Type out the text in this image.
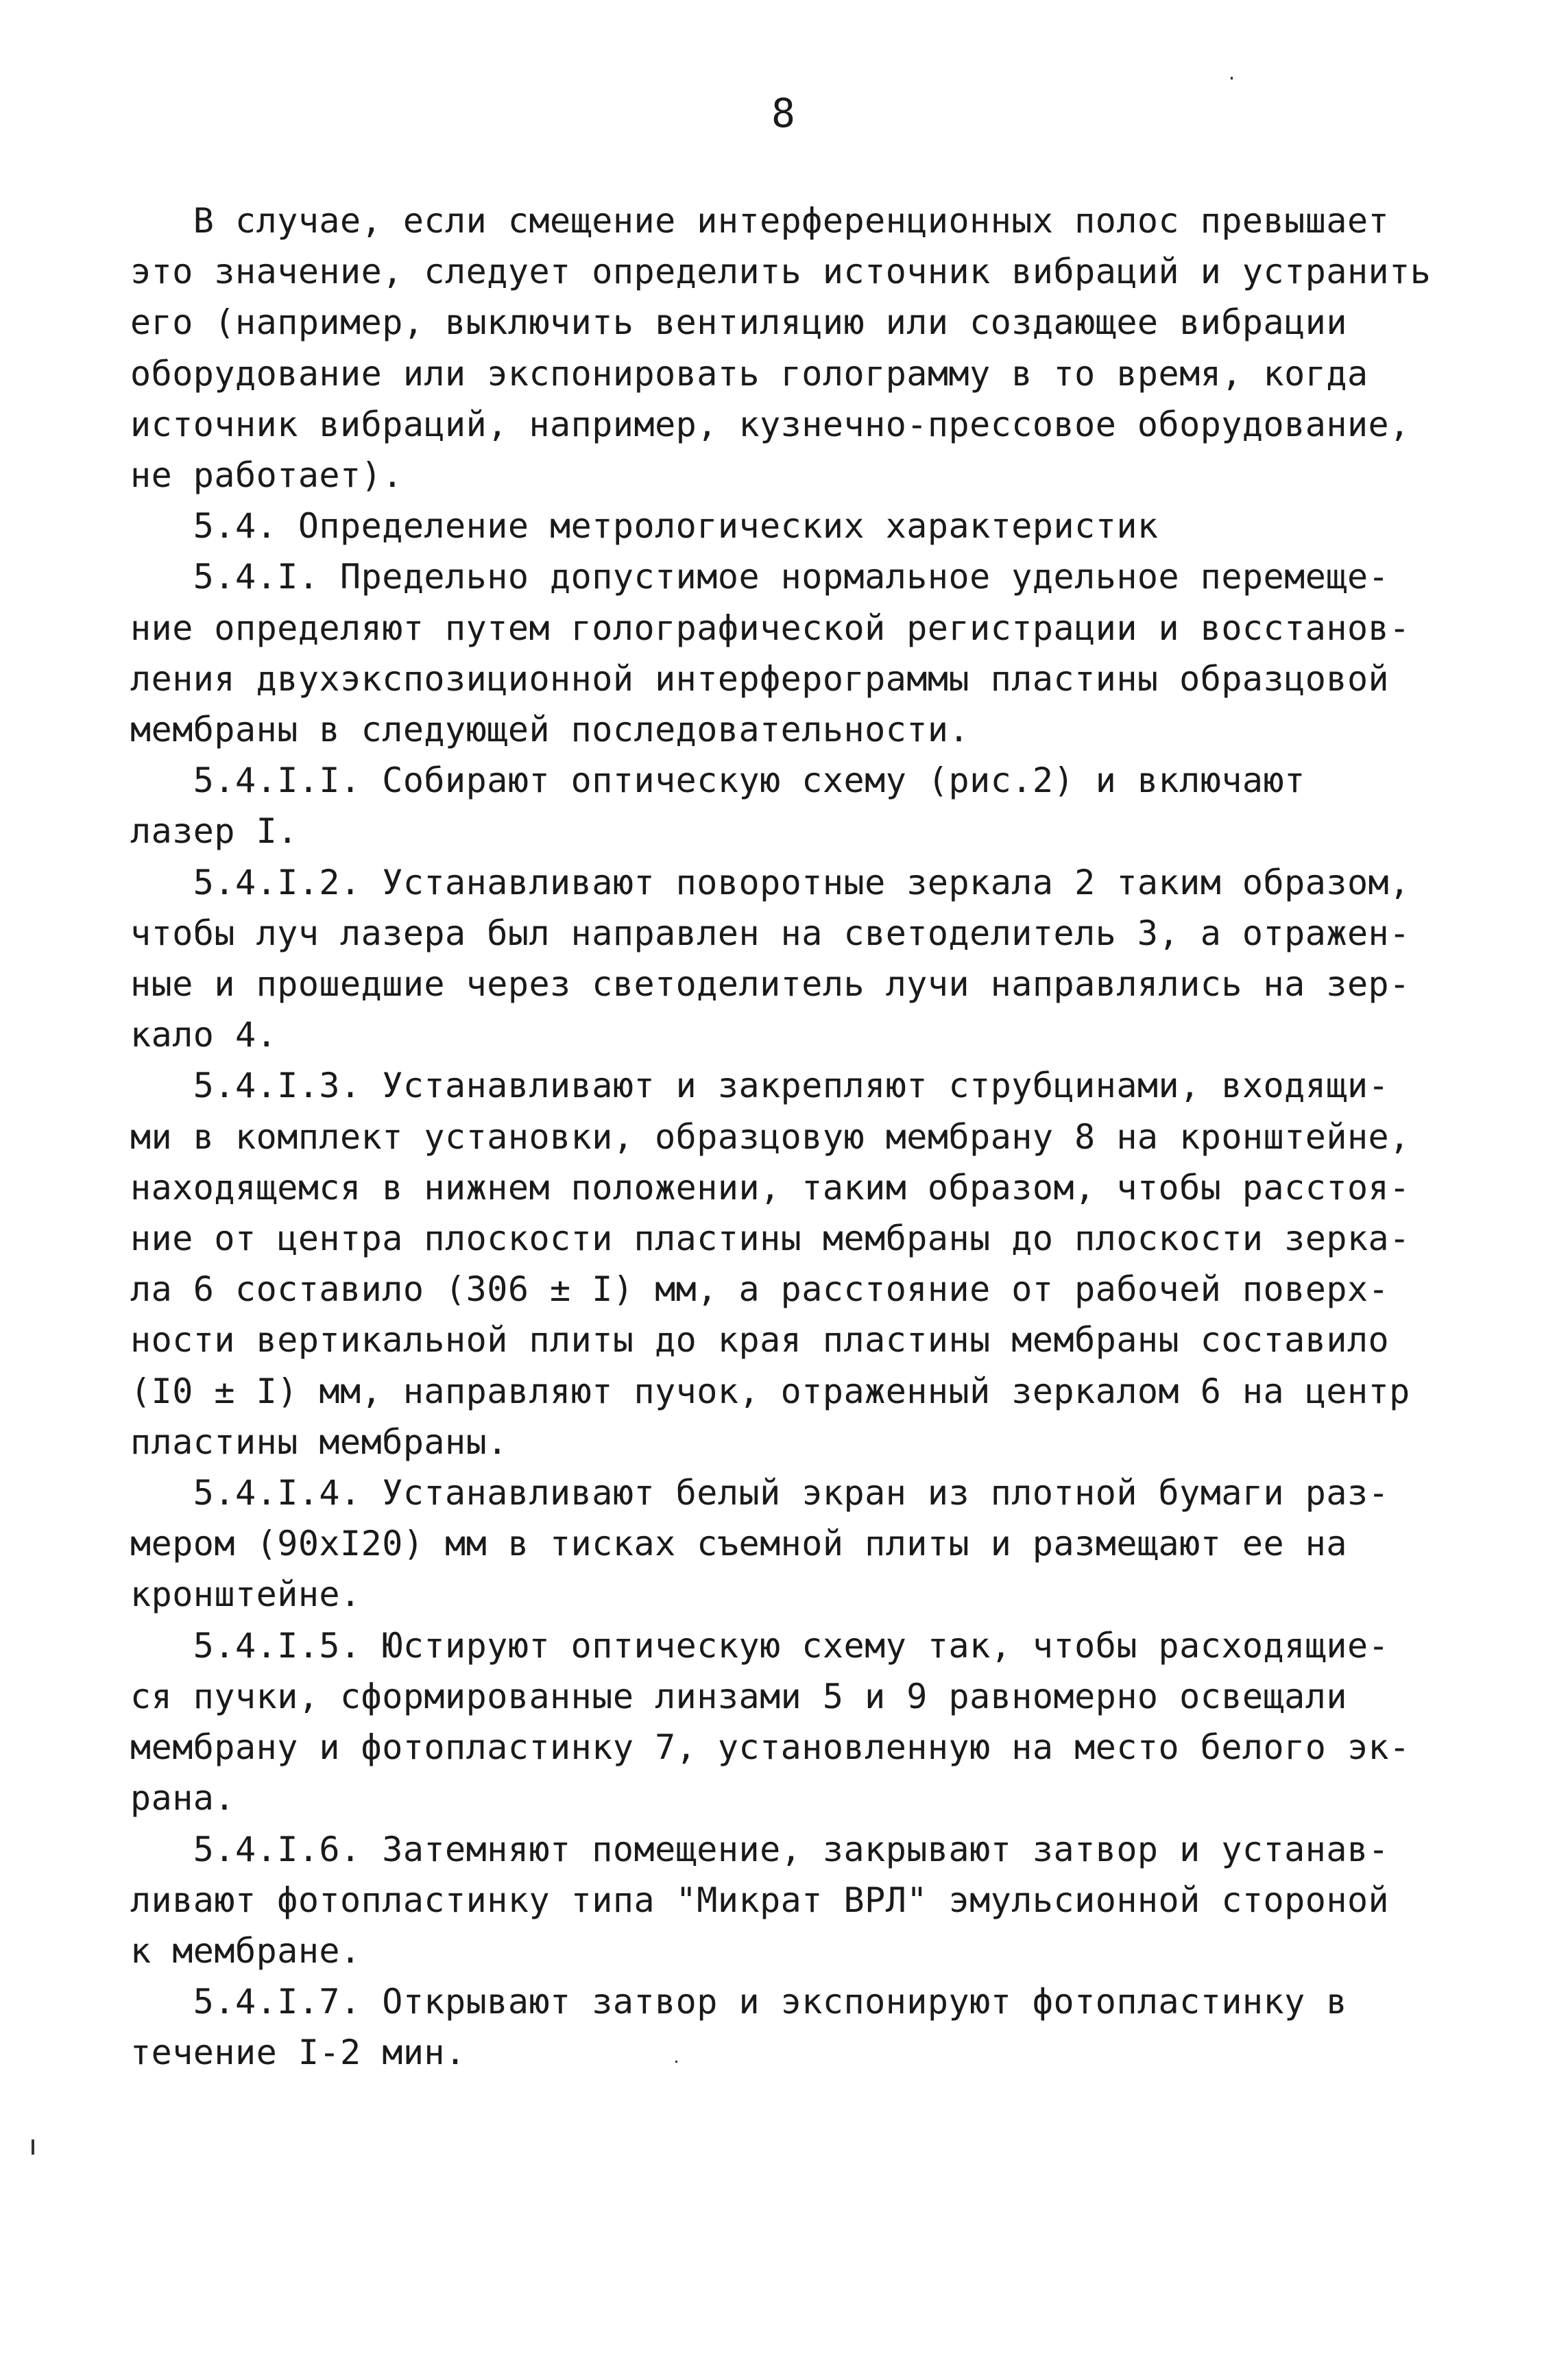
8
В случае, если смещение интерференционных полос превышает
это значение, следует определить источник вибраций и устранить
его (например, выключить вентиляцию или создающее вибрации
оборудование или экспонировать голограмму в то время, когда
источник вибраций, например, кузнечно-прессовое оборудование,
не работает).
5.4. Определение метрологических характеристик
5.4.I. Предельно допустимое нормальное удельное перемеще-
ние определяют путем голографической регистрации и восстанов-
ления двухэкспозиционной интерферограммы пластины образцовой
мембраны в следующей последовательности.
5.4.I.I. Собирают оптическую схему (рис.2) и включают
лазер I.
5.4.I.2. Устанавливают поворотные зеркала 2 таким образом,
чтобы луч лазера был направлен на светоделитель 3, а отражен-
ные и прошедшие через светоделитель лучи направлялись на зер-
кало 4.
5.4.I.3. Устанавливают и закрепляют струбцинами, входящи-
ми в комплект установки, образцовую мембрану 8 на кронштейне,
находящемся в нижнем положении, таким образом, чтобы расстоя-
ние от центра плоскости пластины мембраны до плоскости зерка-
ла 6 составило (306 ± I) мм, а расстояние от рабочей поверх-
ности вертикальной плиты до края пластины мембраны составило
(I0 ± I) мм, направляют пучок, отраженный зеркалом 6 на центр
пластины мембраны.
5.4.I.4. Устанавливают белый экран из плотной бумаги раз-
мером (90xI20) мм в тисках съемной плиты и размещают ее на
кронштейне.
5.4.I.5. Юстируют оптическую схему так, чтобы расходящие-
ся пучки, сформированные линзами 5 и 9 равномерно освещали
мембрану и фотопластинку 7, установленную на место белого эк-
рана.
5.4.I.6. Затемняют помещение, закрывают затвор и устанав-
ливают фотопластинку типа "Микрат ВРЛ" эмульсионной стороной
к мембране.
5.4.I.7. Открывают затвор и экспонируют фотопластинку в
течение I-2 мин.
